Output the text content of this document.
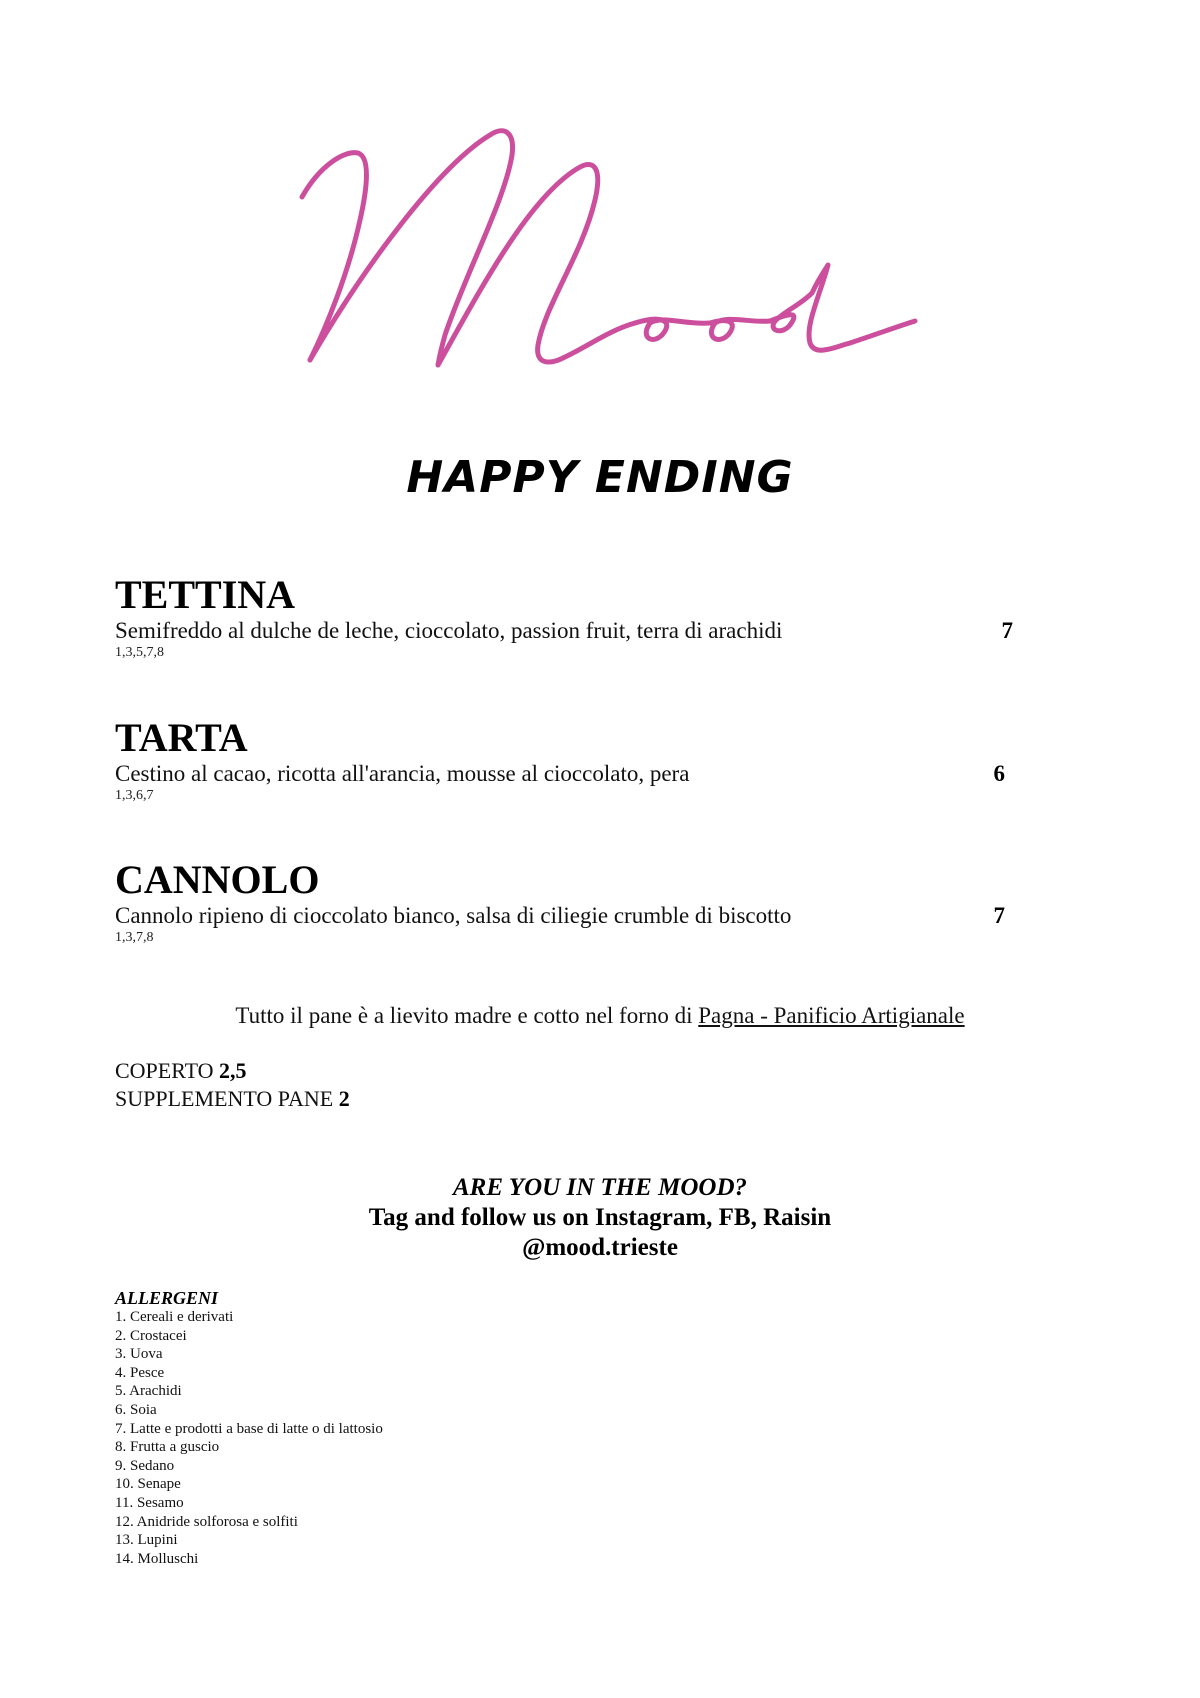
HAPPY ENDING
TETTINA
Semifreddo al dulche de leche, cioccolato, passion fruit, terra di arachidi	7
1,3,5,7,8
TARTA
Cestino al cacao, ricotta all'arancia, mousse al cioccolato, pera	6
1,3,6,7
CANNOLO
Cannolo ripieno di cioccolato bianco, salsa di ciliegie crumble di biscotto	7
1,3,7,8
Tutto il pane è a lievito madre e cotto nel forno di Pagna - Panificio Artigianale
COPERTO 2,5
SUPPLEMENTO PANE 2
ARE YOU IN THE MOOD?
Tag and follow us on Instagram, FB, Raisin
@mood.trieste
ALLERGENI
1. Cereali e derivati
2. Crostacei
3. Uova
4. Pesce
5. Arachidi
6. Soia
7. Latte e prodotti a base di latte o di lattosio
8. Frutta a guscio
9. Sedano
10. Senape
11. Sesamo
12. Anidride solforosa e solfiti
13. Lupini
14. Molluschi
